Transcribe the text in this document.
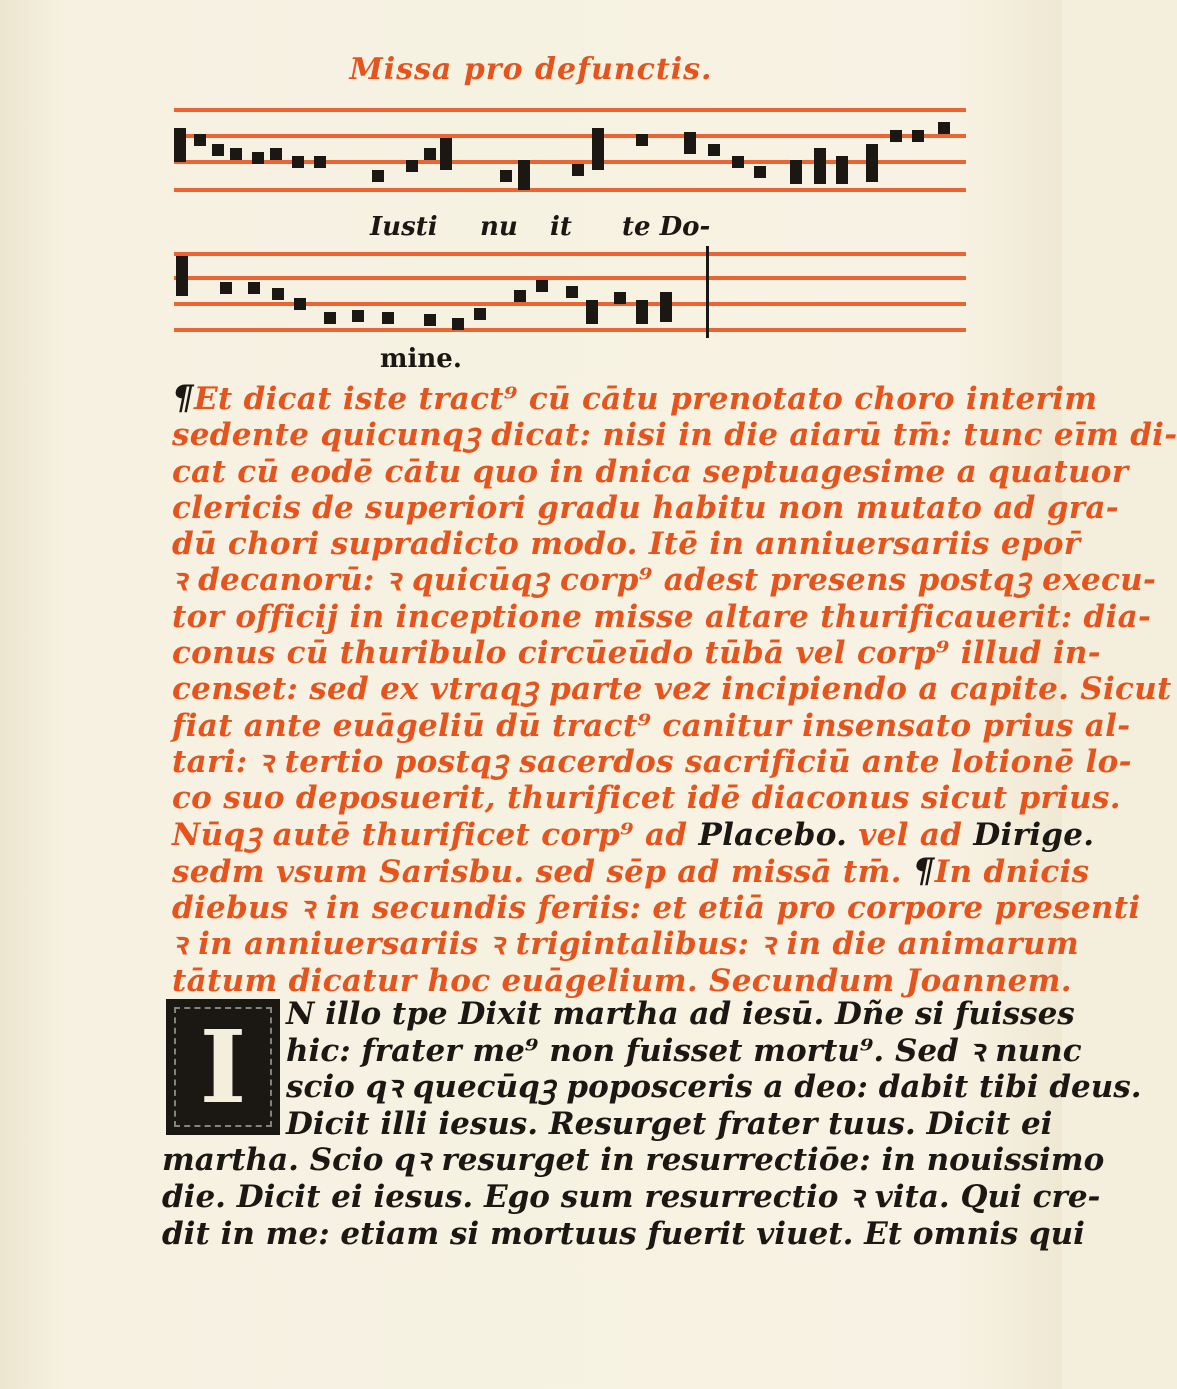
Missa pro defunctis.
Iusti nu it te Do-
mine.

¶Et dicat iste tract⁹ cū cātu prenotato choro interim

sedente quicunqꝫ dicat: nisi in die aiarū tm̄: tunc eīm di-

cat cū eodē cātu quo in dnica septuagesime a quatuor

clericis de superiori gradu habitu non mutato ad gra-

dū chori supradicto modo. Itē in anniuersariis epor̄

ꝛ decanorū: ꝛ quicūqꝫ corp⁹ adest presens postqꝫ execu-

tor officij in inceptione misse altare thurificauerit: dia-

conus cū thuribulo circūeūdo tūbā vel corp⁹ illud in-

censet: sed ex vtraqꝫ parte vez incipiendo a capite. Sicut

fiat ante euāgeliū dū tract⁹ canitur insensato prius al-

tari: ꝛ tertio postqꝫ sacerdos sacrificiū ante lotionē lo-

co suo deposuerit, thurificet idē diaconus sicut prius.

Nūqꝫ autē thurificet corp⁹ ad Placebo. vel ad Dirige.

sedm vsum Sarisbu. sed sēp ad missā tm̄. ¶In dnicis

diebus ꝛ in secundis feriis: et etiā pro corpore presenti

ꝛ in anniuersariis ꝛ trigintalibus: ꝛ in die animarum

tātum dicatur hoc euāgelium. Secundum Joannem.

I	N illo tpe Dixit martha ad iesū. Dñe si fuisses

hic: frater me⁹ non fuisset mortu⁹. Sed ꝛ nunc

scio qꝛ quecūqꝫ poposceris a deo: dabit tibi deus.

Dicit illi iesus. Resurget frater tuus. Dicit ei

martha. Scio qꝛ resurget in resurrectiōe: in nouissimo

die. Dicit ei iesus. Ego sum resurrectio ꝛ vita. Qui cre-

dit in me: etiam si mortuus fuerit viuet. Et omnis qui
